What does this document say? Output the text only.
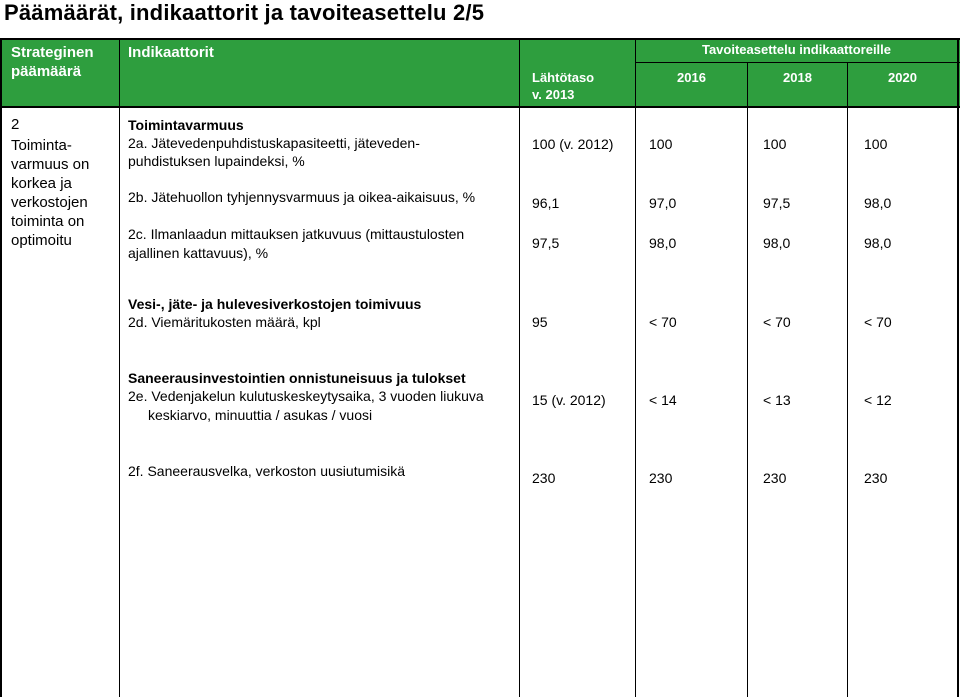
Päämäärät, indikaattorit ja tavoiteasettelu 2/5
Strateginen
päämäärä
Indikaattorit
Lähtötaso
v. 2013
Tavoiteasettelu indikaattoreille
2016	2018	2020
2
Toiminta-
varmuus on
korkea ja
verkostojen
toiminta on
optimoitu
Toimintavarmuus
2a. Jätevedenpuhdistuskapasiteetti, jäteveden-
puhdistuksen lupaindeksi, %
100 (v. 2012)	100	100	100
2b. Jätehuollon tyhjennysvarmuus ja oikea-aikaisuus, %	96,1	97,0	97,5	98,0
2c. Ilmanlaadun mittauksen jatkuvuus (mittaustulosten
ajallinen kattavuus), %
97,5	98,0	98,0	98,0
Vesi-, jäte- ja hulevesiverkostojen toimivuus
2d. Viemäritukosten määrä, kpl	95	< 70	< 70	< 70
Saneerausinvestointien onnistuneisuus ja tulokset
2e. Vedenjakelun kulutuskeskeytysaika, 3 vuoden liukuva
keskiarvo, minuuttia / asukas / vuosi
15 (v. 2012)	< 14	< 13	< 12
2f. Saneerausvelka, verkoston uusiutumisikä	230	230	230	230
